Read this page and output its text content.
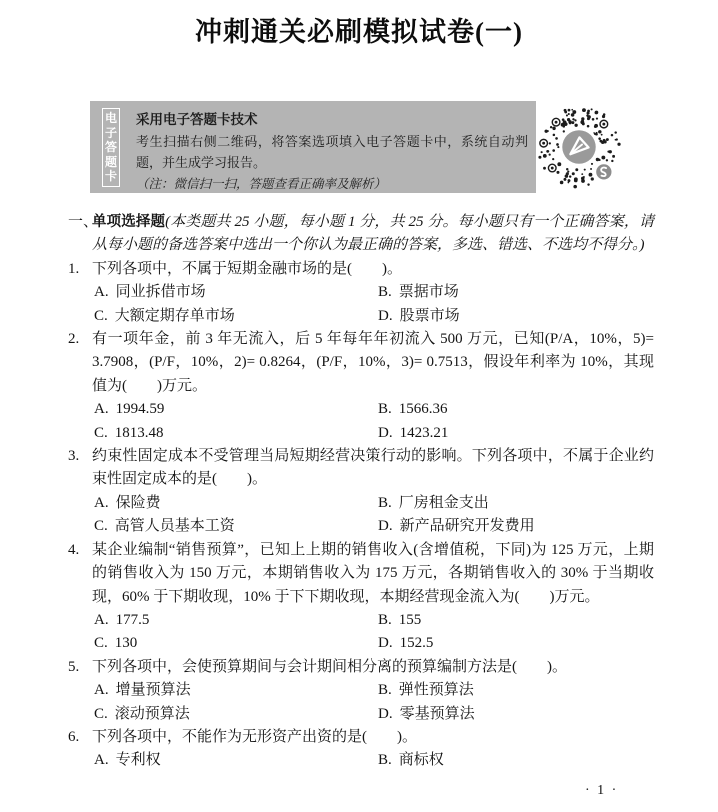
冲刺通关必刷模拟试卷(一)
电子答题卡
采用电子答题卡技术
考生扫描右侧二维码，将答案选项填入电子答题卡中，系统自动判题，并生成学习报告。
（注：微信扫一扫，答题查看正确率及解析）
一、
单项选择题(本类题共 25 小题，每小题 1 分，共 25 分。每小题只有一个正确答案，请从每小题的备选答案中选出一个你认为最正确的答案，多选、错选、不选均不得分。)
1. 下列各项中，不属于短期金融市场的是(　　)。
A. 同业拆借市场	B. 票据市场
C. 大额定期存单市场	D. 股票市场
2. 有一项年金，前 3 年无流入，后 5 年每年年初流入 500 万元，已知(P/A，10%，5)= 3.7908，(P/F，10%，2)= 0.8264，(P/F，10%，3)= 0.7513，假设年利率为 10%，其现值为(　　)万元。
A. 1994.59	B. 1566.36
C. 1813.48	D. 1423.21
3. 约束性固定成本不受管理当局短期经营决策行动的影响。下列各项中，不属于企业约束性固定成本的是(　　)。
A. 保险费	B. 厂房租金支出
C. 高管人员基本工资	D. 新产品研究开发费用
4. 某企业编制“销售预算”，已知上上期的销售收入(含增值税，下同)为 125 万元，上期的销售收入为 150 万元，本期销售收入为 175 万元，各期销售收入的 30% 于当期收现，60% 于下期收现，10% 于下下期收现，本期经营现金流入为(　　)万元。
A. 177.5	B. 155
C. 130	D. 152.5
5. 下列各项中，会使预算期间与会计期间相分离的预算编制方法是(　　)。
A. 增量预算法	B. 弹性预算法
C. 滚动预算法	D. 零基预算法
6. 下列各项中，不能作为无形资产出资的是(　　)。
A. 专利权	B. 商标权
· 1 ·
